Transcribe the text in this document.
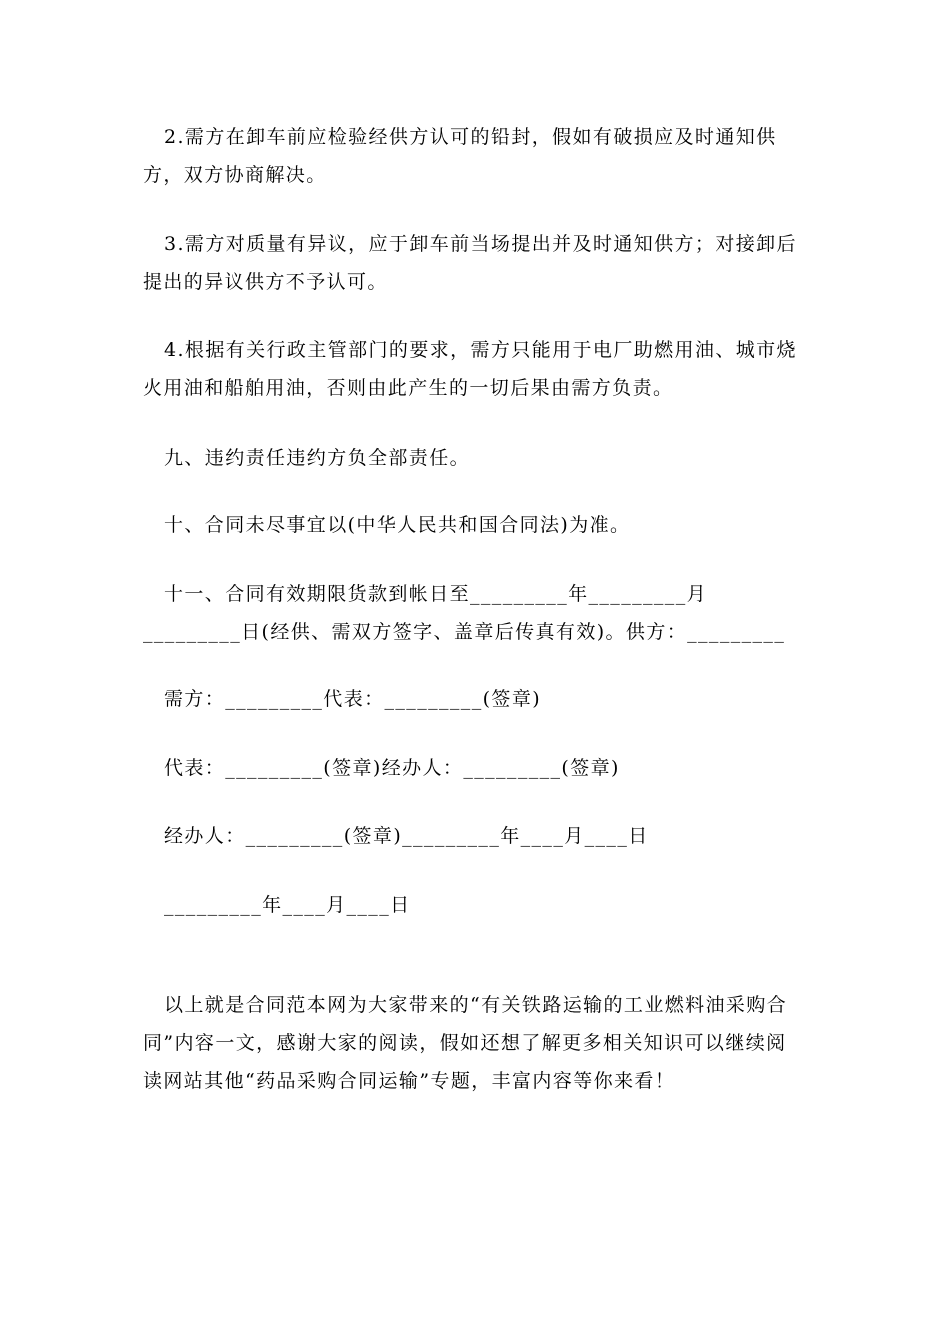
2.需方在卸车前应检验经供方认可的铅封，假如有破损应及时通知供方，双方协商解决。

3.需方对质量有异议，应于卸车前当场提出并及时通知供方；对接卸后提出的异议供方不予认可。

4.根据有关行政主管部门的要求，需方只能用于电厂助燃用油、城市烧火用油和船舶用油，否则由此产生的一切后果由需方负责。

九、违约责任违约方负全部责任。

十、合同未尽事宜以(中华人民共和国合同法)为准。

十一、合同有效期限货款到帐日至_________年_________月_________日(经供、需双方签字、盖章后传真有效)。供方：_________

需方：_________代表：_________(签章)

代表：_________(签章)经办人：_________(签章)

经办人：_________(签章)_________年____月____日

_________年____月____日

以上就是合同范本网为大家带来的“有关铁路运输的工业燃料油采购合同”内容一文，感谢大家的阅读，假如还想了解更多相关知识可以继续阅读网站其他“药品采购合同运输”专题，丰富内容等你来看！
